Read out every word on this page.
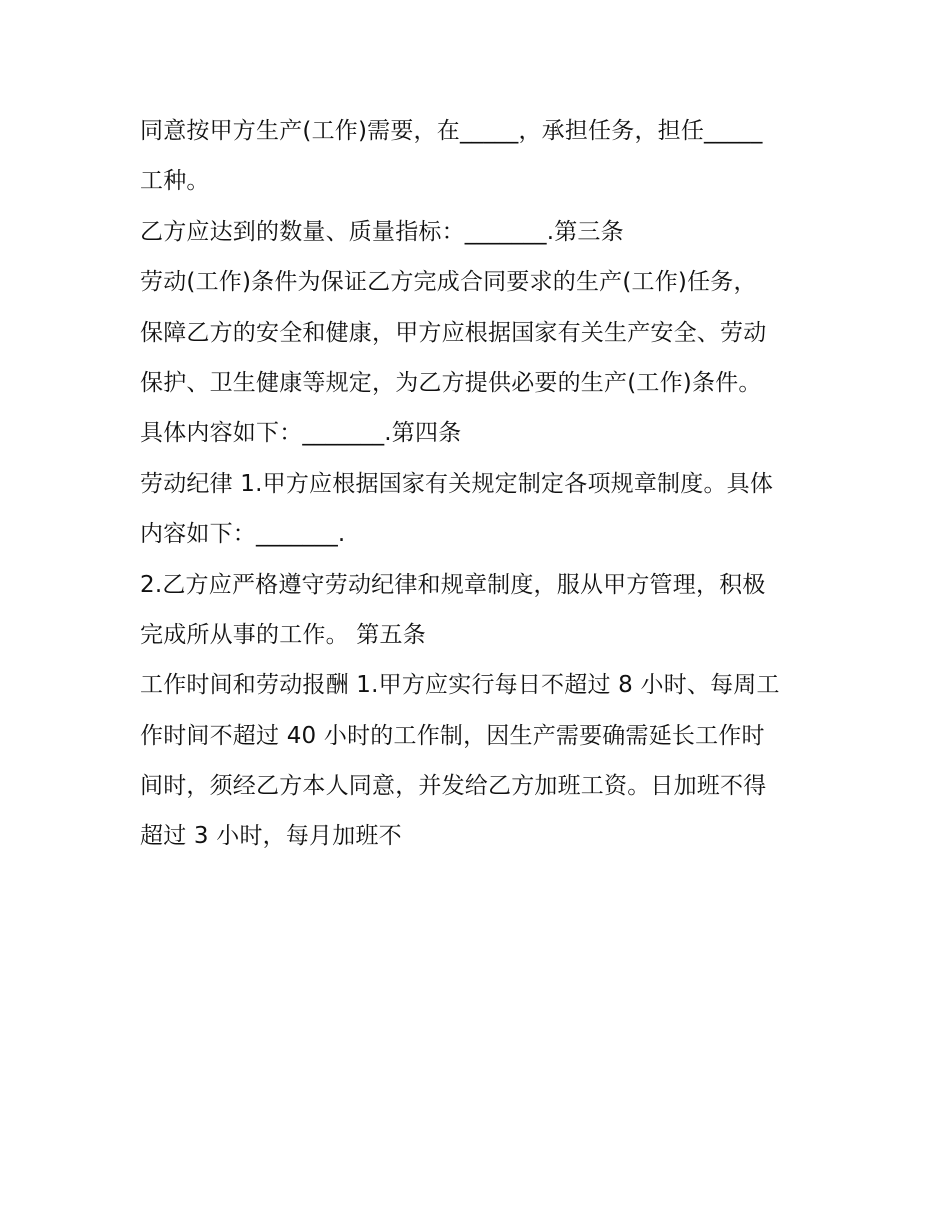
同意按甲方生产(工作)需要，在_____，承担任务，担任_____
工种。
乙方应达到的数量、质量指标：_______.第三条
劳动(工作)条件为保证乙方完成合同要求的生产(工作)任务，
保障乙方的安全和健康，甲方应根据国家有关生产安全、劳动
保护、卫生健康等规定，为乙方提供必要的生产(工作)条件。
具体内容如下：_______.第四条
劳动纪律 1.甲方应根据国家有关规定制定各项规章制度。具体
内容如下：_______.
2.乙方应严格遵守劳动纪律和规章制度，服从甲方管理，积极
完成所从事的工作。 第五条
工作时间和劳动报酬 1.甲方应实行每日不超过 8 小时、每周工
作时间不超过 40 小时的工作制，因生产需要确需延长工作时
间时，须经乙方本人同意，并发给乙方加班工资。日加班不得
超过 3 小时，每月加班不
